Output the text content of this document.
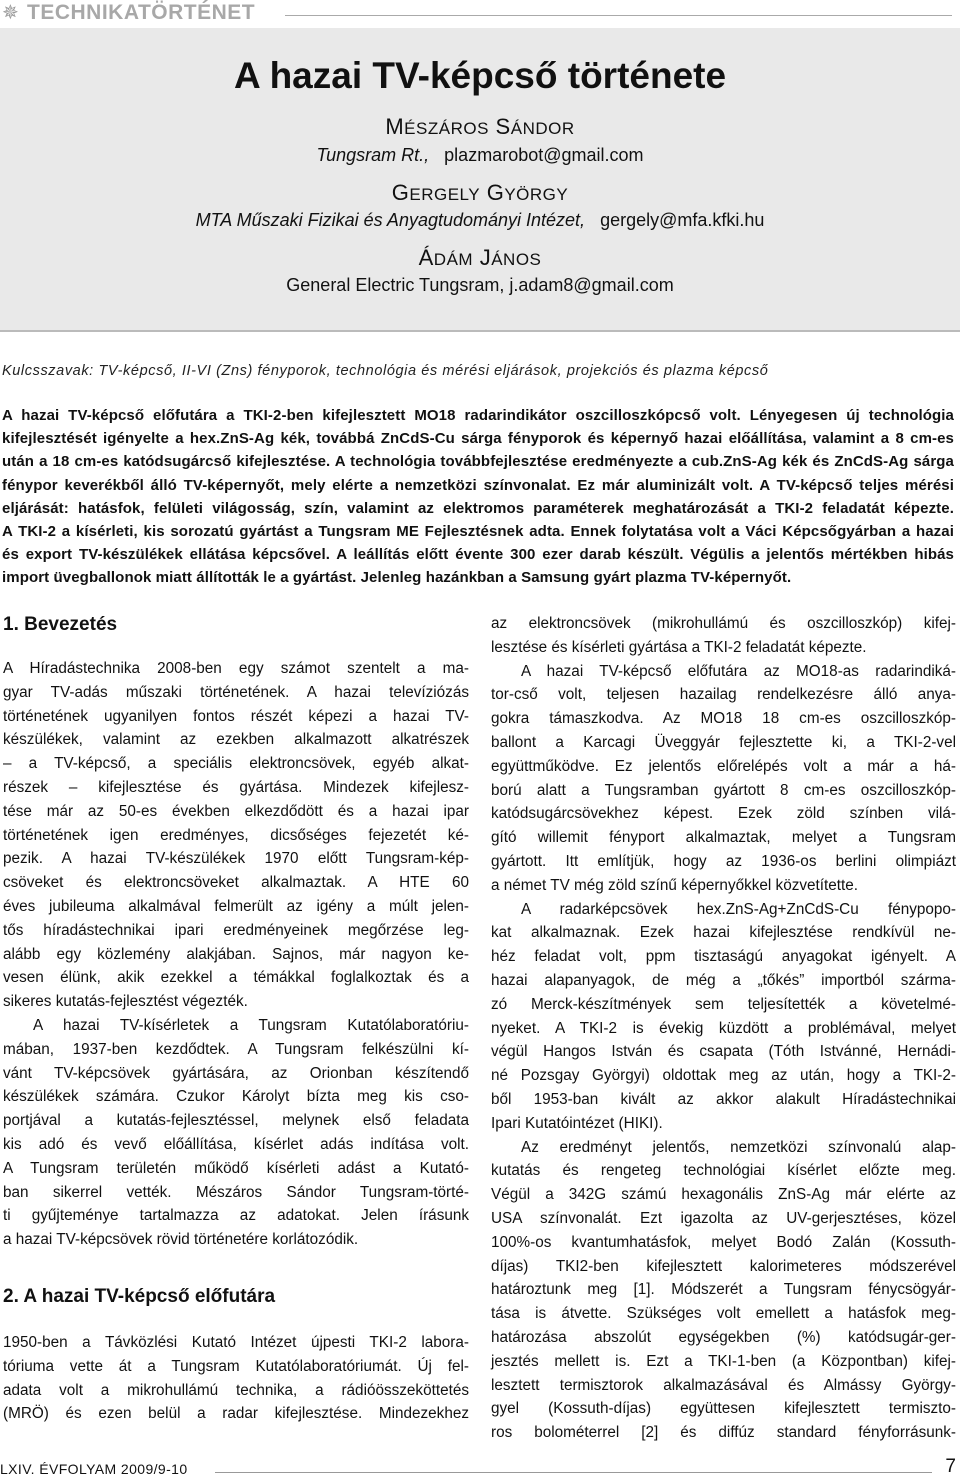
✵ TECHNIKATÖRTÉNET
A hazai TV-képcső története
MÉSZÁROS SÁNDOR
Tungsram Rt., plazmarobot@gmail.com
GERGELY GYÖRGY
MTA Műszaki Fizikai és Anyagtudományi Intézet, gergely@mfa.kfki.hu
ÁDÁM JÁNOS
General Electric Tungsram, j.adam8@gmail.com
Kulcsszavak: TV-képcső, II-VI (Zns) fényporok, technológia és mérési eljárások, projekciós és plazma képcső
A hazai TV-képcső előfutára a TKI-2-ben kifejlesztett MO18 radarindikátor oszcilloszkópcső volt. Lényegesen új technológia
kifejlesztését igényelte a hex.ZnS-Ag kék, továbbá ZnCdS-Cu sárga fényporok és képernyő hazai előállítása, valamint a 8 cm-es
után a 18 cm-es katódsugárcső kifejlesztése. A technológia továbbfejlesztése eredményezte a cub.ZnS-Ag kék és ZnCdS-Ag sárga
fénypor keverékből álló TV-képernyőt, mely elérte a nemzetközi színvonalat. Ez már aluminizált volt. A TV-képcső teljes mérési
eljárását: hatásfok, felületi világosság, szín, valamint az elektromos paraméterek meghatározását a TKI-2 feladatát képezte.
A TKI-2 a kísérleti, kis sorozatú gyártást a Tungsram ME Fejlesztésnek adta. Ennek folytatása volt a Váci Képcsőgyárban a hazai
és export TV-készülékek ellátása képcsővel. A leállítás előtt évente 300 ezer darab készült. Végülis a jelentős mértékben hibás
import üvegballonok miatt állították le a gyártást. Jelenleg hazánkban a Samsung gyárt plazma TV-képernyőt.
1. Bevezetés
A Híradástechnika 2008-ben egy számot szentelt a ma-
gyar TV-adás műszaki történetének. A hazai televíziózás
történetének ugyanilyen fontos részét képezi a hazai TV-
készülékek, valamint az ezekben alkalmazott alkatrészek
– a TV-képcső, a speciális elektroncsövek, egyéb alkat-
részek – kifejlesztése és gyártása. Mindezek kifejlesz-
tése már az 50-es években elkezdődött és a hazai ipar
történetének igen eredményes, dicsőséges fejezetét ké-
pezik. A hazai TV-készülékek 1970 előtt Tungsram-kép-
csöveket és elektroncsöveket alkalmaztak. A HTE 60
éves jubileuma alkalmával felmerült az igény a múlt jelen-
tős híradástechnikai ipari eredményeinek megőrzése leg-
alább egy közlemény alakjában. Sajnos, már nagyon ke-
vesen élünk, akik ezekkel a témákkal foglalkoztak és a
sikeres kutatás-fejlesztést végezték.
A hazai TV-kísérletek a Tungsram Kutatólaboratóriu-
mában, 1937-ben kezdődtek. A Tungsram felkészülni kí-
vánt TV-képcsövek gyártására, az Orionban készítendő
készülékek számára. Czukor Károlyt bízta meg kis cso-
portjával a kutatás-fejlesztéssel, melynek első feladata
kis adó és vevő előállítása, kísérlet adás indítása volt.
A Tungsram területén működő kísérleti adást a Kutató-
ban sikerrel vették. Mészáros Sándor Tungsram-törté-
ti gyűjteménye tartalmazza az adatokat. Jelen írásunk
a hazai TV-képcsövek rövid történetére korlátozódik.
2. A hazai TV-képcső előfutára
1950-ben a Távközlési Kutató Intézet újpesti TKI-2 labora-
tóriuma vette át a Tungsram Kutatólaboratóriumát. Új fel-
adata volt a mikrohullámú technika, a rádióösszeköttetés
(MRÖ) és ezen belül a radar kifejlesztése. Mindezekhez
az elektroncsövek (mikrohullámú és oszcilloszkóp) kifej-
lesztése és kísérleti gyártása a TKI-2 feladatát képezte.
A hazai TV-képcső előfutára az MO18-as radarindiká-
tor-cső volt, teljesen hazailag rendelkezésre álló anya-
gokra támaszkodva. Az MO18 18 cm-es oszcilloszkóp-
ballont a Karcagi Üveggyár fejlesztette ki, a TKI-2-vel
együttműködve. Ez jelentős előrelépés volt a már a há-
ború alatt a Tungsramban gyártott 8 cm-es oszcilloszkóp-
katódsugárcsövekhez képest. Ezek zöld színben vilá-
gító willemit fényport alkalmaztak, melyet a Tungsram
gyártott. Itt említjük, hogy az 1936-os berlini olimpiázt
a német TV még zöld színű képernyőkkel közvetítette.
A radarképcsövek hex.ZnS-Ag+ZnCdS-Cu fénypoро-
kat alkalmaznak. Ezek hazai kifejlesztése rendkívül ne-
héz feladat volt, ppm tisztaságú anyagokat igényelt. A
hazai alapanyagok, de még a „tőkés” importból szárma-
zó Merck-készítmények sem teljesítették a követelmé-
nyeket. A TKI-2 is évekig küzdött a problémával, melyet
végül Hangos István és csapata (Tóth Istvánné, Hernádi-
né Pozsgay Györgyi) oldottak meg az után, hogy a TKI-2-
ből 1953-ban kivált az akkor alakult Híradástechnikai
Ipari Kutatóintézet (HIKI).
Az eredményt jelentős, nemzetközi színvonalú alap-
kutatás és rengeteg technológiai kísérlet előzte meg.
Végül a 342G számú hexagonális ZnS-Ag már elérte az
USA színvonalát. Ezt igazolta az UV-gerjesztéses, közel
100%-os kvantumhatásfok, melyet Bodó Zalán (Kossuth-
díjas) TKI2-ben kifejlesztett kalorimeteres módszerével
határoztunk meg [1]. Módszerét a Tungsram fénycsögyár-
tása is átvette. Szükséges volt emellett a hatásfok meg-
határozása abszolút egységekben (%) katódsugár-ger-
jesztés mellett is. Ezt a TKI-1-ben (a Központban) kifej-
lesztett termisztorok alkalmazásával és Almássy Györgу-
gyel (Kossuth-díjas) együttesen kifejlesztett termiszto-
ros bolométerrel [2] és diffúz standard fényforráѕunk-
LXIV. ÉVFOLYAM 2009/9-10	7
